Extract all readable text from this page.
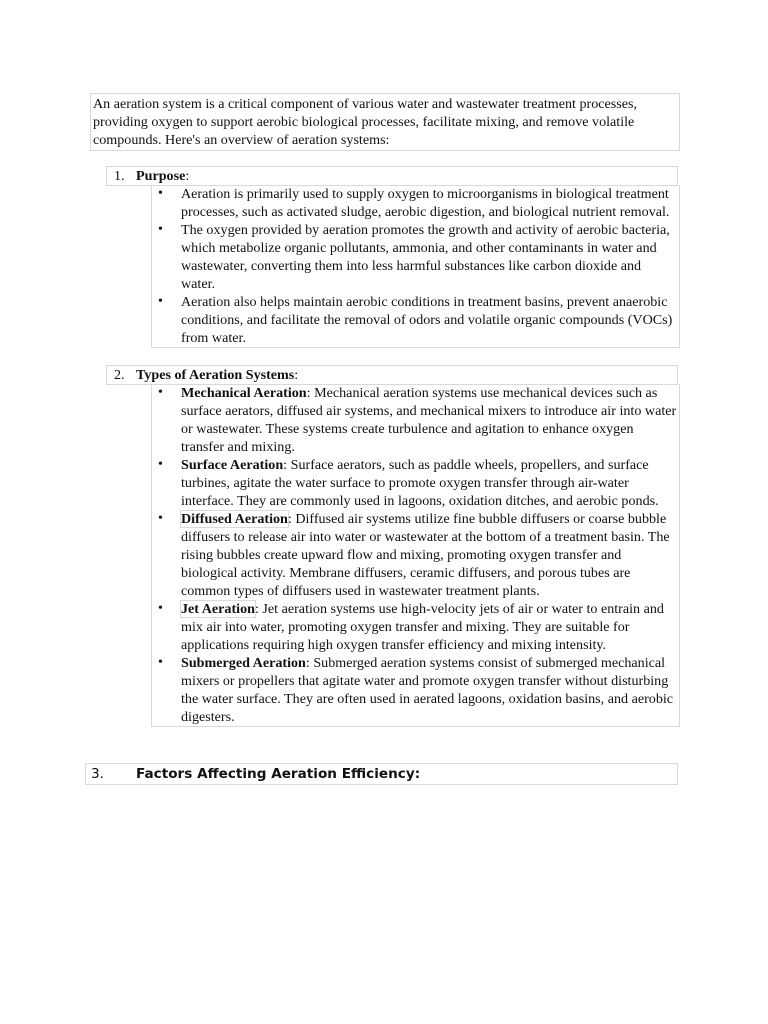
An aeration system is a critical component of various water and wastewater treatment processes, providing oxygen to support aerobic biological processes, facilitate mixing, and remove volatile compounds. Here's an overview of aeration systems:
1. Purpose:
• Aeration is primarily used to supply oxygen to microorganisms in biological treatment processes, such as activated sludge, aerobic digestion, and biological nutrient removal.
• The oxygen provided by aeration promotes the growth and activity of aerobic bacteria, which metabolize organic pollutants, ammonia, and other contaminants in water and wastewater, converting them into less harmful substances like carbon dioxide and water.
• Aeration also helps maintain aerobic conditions in treatment basins, prevent anaerobic conditions, and facilitate the removal of odors and volatile organic compounds (VOCs) from water.
2. Types of Aeration Systems:
• Mechanical Aeration: Mechanical aeration systems use mechanical devices such as surface aerators, diffused air systems, and mechanical mixers to introduce air into water or wastewater. These systems create turbulence and agitation to enhance oxygen transfer and mixing.
• Surface Aeration: Surface aerators, such as paddle wheels, propellers, and surface turbines, agitate the water surface to promote oxygen transfer through air-water interface. They are commonly used in lagoons, oxidation ditches, and aerobic ponds.
• Diffused Aeration: Diffused air systems utilize fine bubble diffusers or coarse bubble diffusers to release air into water or wastewater at the bottom of a treatment basin. The rising bubbles create upward flow and mixing, promoting oxygen transfer and biological activity. Membrane diffusers, ceramic diffusers, and porous tubes are common types of diffusers used in wastewater treatment plants.
• Jet Aeration: Jet aeration systems use high-velocity jets of air or water to entrain and mix air into water, promoting oxygen transfer and mixing. They are suitable for applications requiring high oxygen transfer efficiency and mixing intensity.
• Submerged Aeration: Submerged aeration systems consist of submerged mechanical mixers or propellers that agitate water and promote oxygen transfer without disturbing the water surface. They are often used in aerated lagoons, oxidation basins, and aerobic digesters.
3. Factors Affecting Aeration Efficiency:
